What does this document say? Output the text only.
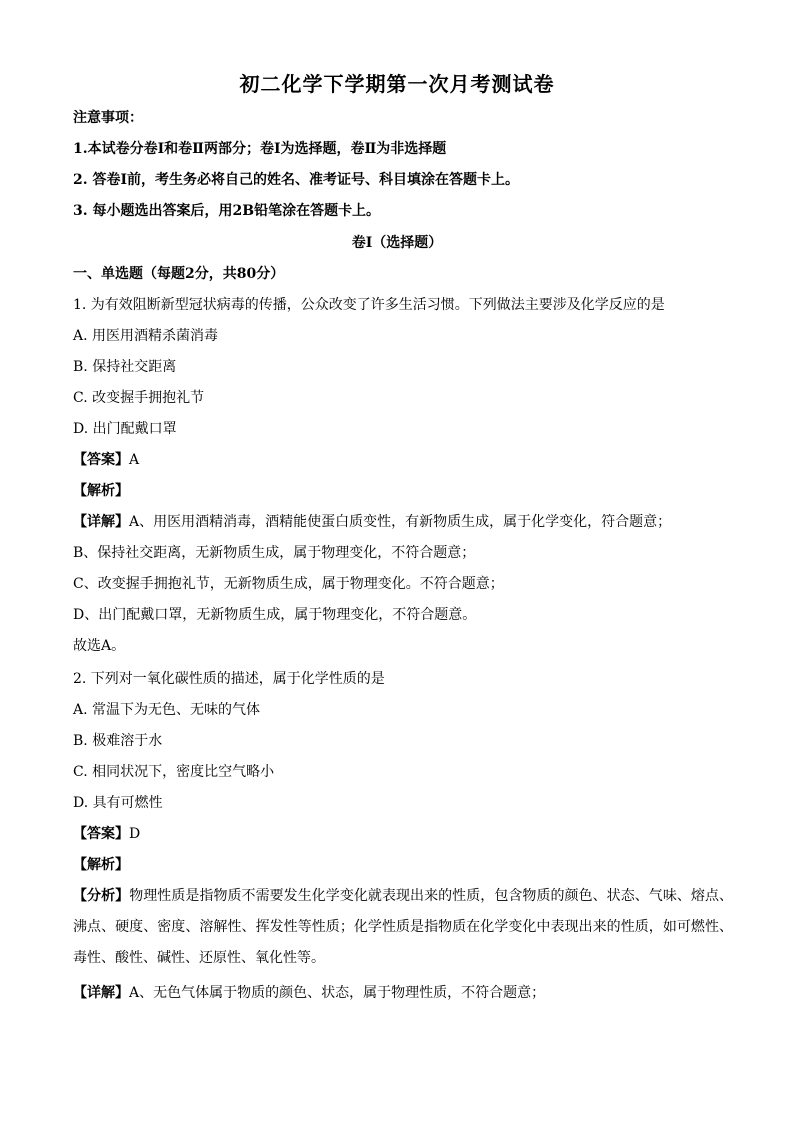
初二化学下学期第一次月考测试卷
注意事项：
1.本试卷分卷Ⅰ和卷Ⅱ两部分；卷Ⅰ为选择题，卷Ⅱ为非选择题
2. 答卷Ⅰ前，考生务必将自己的姓名、准考证号、科目填涂在答题卡上。
3. 每小题选出答案后，用2B铅笔涂在答题卡上。
卷Ⅰ（选择题）
一、单选题（每题2分，共80分）
1. 为有效阻断新型冠状病毒的传播，公众改变了许多生活习惯。下列做法主要涉及化学反应的是
A. 用医用酒精杀菌消毒
B. 保持社交距离
C. 改变握手拥抱礼节
D. 出门配戴口罩
【答案】A
【解析】
【详解】A、用医用酒精消毒，酒精能使蛋白质变性，有新物质生成，属于化学变化，符合题意；
B、保持社交距离，无新物质生成，属于物理变化，不符合题意；
C、改变握手拥抱礼节，无新物质生成，属于物理变化。不符合题意；
D、出门配戴口罩，无新物质生成，属于物理变化，不符合题意。
故选A。
2. 下列对一氧化碳性质的描述，属于化学性质的是
A. 常温下为无色、无味的气体
B. 极难溶于水
C. 相同状况下，密度比空气略小
D. 具有可燃性
【答案】D
【解析】
【分析】物理性质是指物质不需要发生化学变化就表现出来的性质，包含物质的颜色、状态、气味、熔点、沸点、硬度、密度、溶解性、挥发性等性质；化学性质是指物质在化学变化中表现出来的性质，如可燃性、毒性、酸性、碱性、还原性、氧化性等。
【详解】A、无色气体属于物质的颜色、状态，属于物理性质，不符合题意；
